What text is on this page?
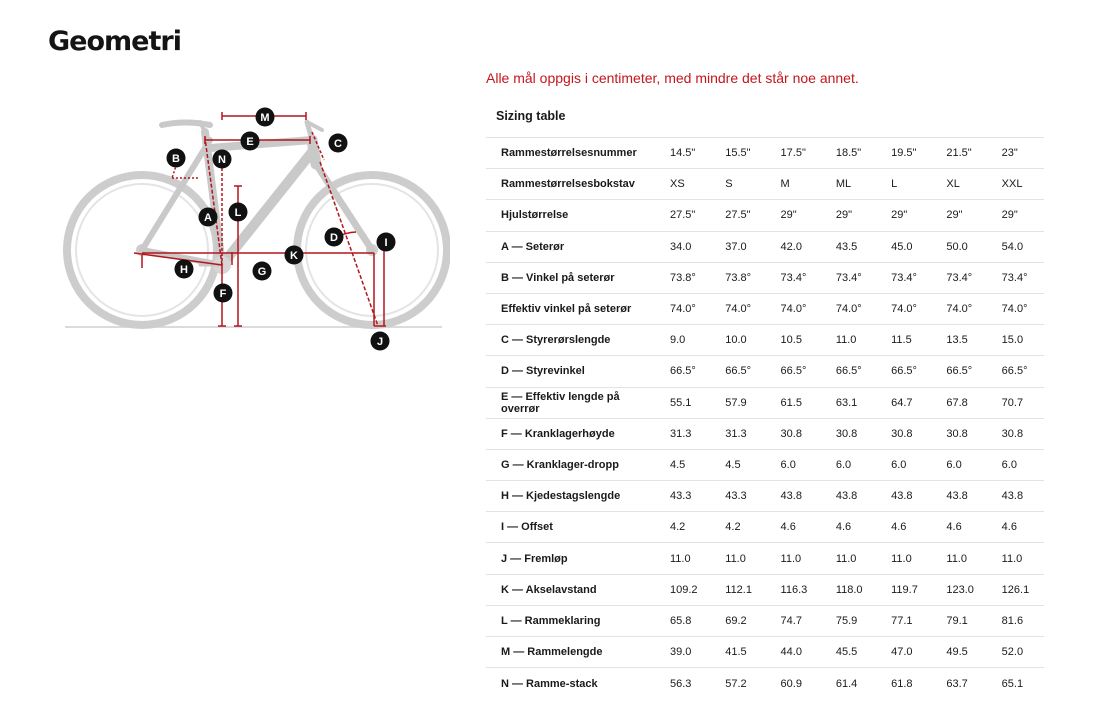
Geometri
M
E	C
B	N
A L
D	I
K
H	G
F
J

Alle mål oppgis i centimeter, med mindre det står noe annet.

Sizing table
Rammestørrelsesnummer	14.5"	15.5"	17.5"	18.5"	19.5"	21.5"	23"
Rammestørrelsesbokstav	XS	S	M	ML	L	XL	XXL
Hjulstørrelse	27.5"	27.5"	29"	29"	29"	29"	29"
A — Seterør	34.0	37.0	42.0	43.5	45.0	50.0	54.0
B — Vinkel på seterør	73.8°	73.8°	73.4°	73.4°	73.4°	73.4°	73.4°
Effektiv vinkel på seterør	74.0°	74.0°	74.0°	74.0°	74.0°	74.0°	74.0°
C — Styrerørslengde	9.0	10.0	10.5	11.0	11.5	13.5	15.0
D — Styrevinkel	66.5°	66.5°	66.5°	66.5°	66.5°	66.5°	66.5°
E — Effektiv lengde på overrør	55.1	57.9	61.5	63.1	64.7	67.8	70.7
F — Kranklagerhøyde	31.3	31.3	30.8	30.8	30.8	30.8	30.8
G — Kranklager-dropp	4.5	4.5	6.0	6.0	6.0	6.0	6.0
H — Kjedestagslengde	43.3	43.3	43.8	43.8	43.8	43.8	43.8
I — Offset	4.2	4.2	4.6	4.6	4.6	4.6	4.6
J — Fremløp	11.0	11.0	11.0	11.0	11.0	11.0	11.0
K — Akselavstand	109.2	112.1	116.3	118.0	119.7	123.0	126.1
L — Rammeklaring	65.8	69.2	74.7	75.9	77.1	79.1	81.6
M — Rammelengde	39.0	41.5	44.0	45.5	47.0	49.5	52.0
N — Ramme-stack	56.3	57.2	60.9	61.4	61.8	63.7	65.1
